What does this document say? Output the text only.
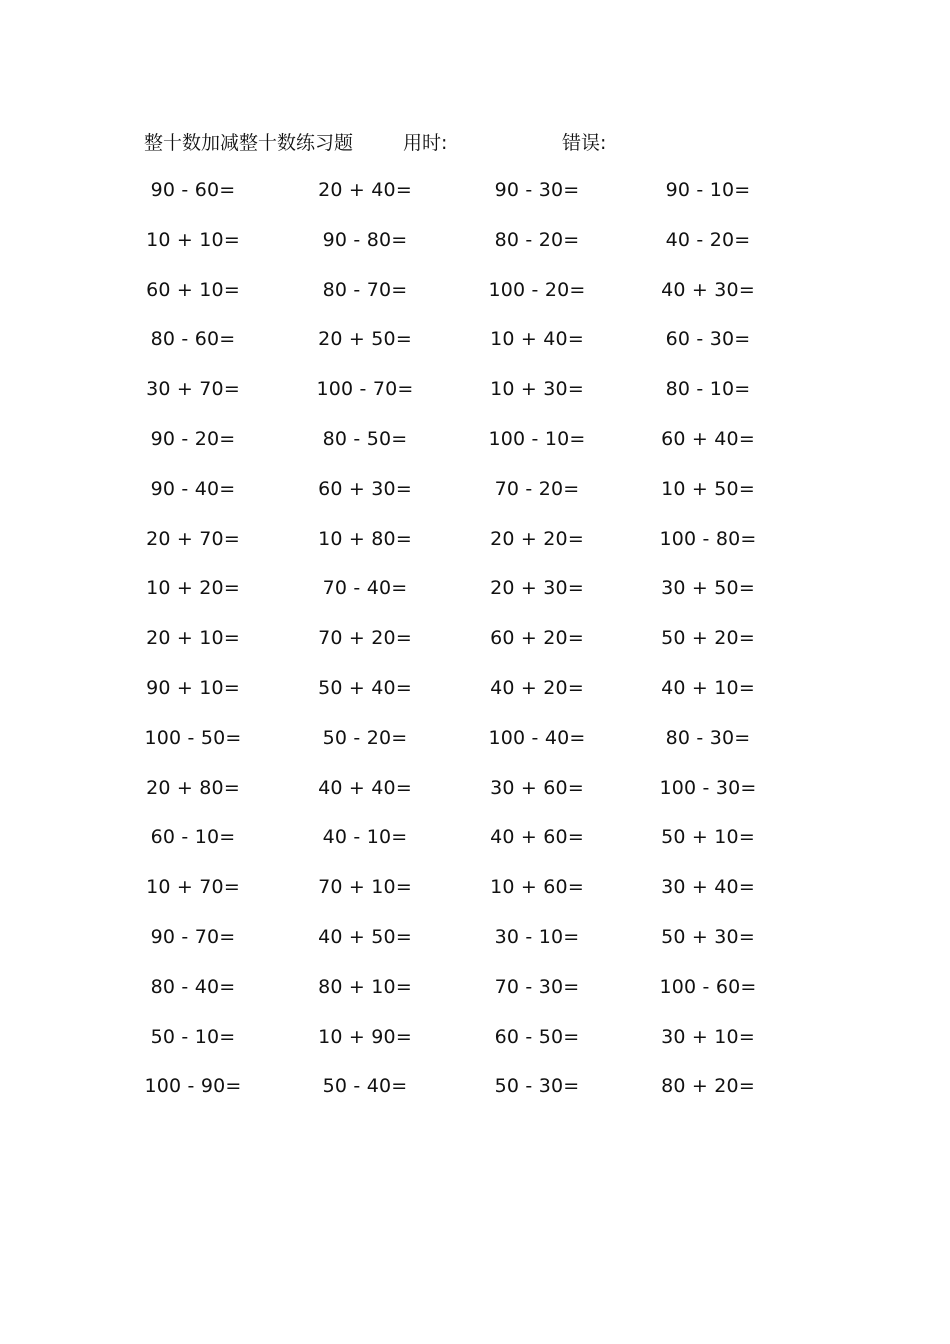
整十数加减整十数练习题	用时:	错误:
90 - 60=	20 + 40=	90 - 30=	90 - 10=
10 + 10=	90 - 80=	80 - 20=	40 - 20=
60 + 10=	80 - 70=	100 - 20=	40 + 30=
80 - 60=	20 + 50=	10 + 40=	60 - 30=
30 + 70=	100 - 70=	10 + 30=	80 - 10=
90 - 20=	80 - 50=	100 - 10=	60 + 40=
90 - 40=	60 + 30=	70 - 20=	10 + 50=
20 + 70=	10 + 80=	20 + 20=	100 - 80=
10 + 20=	70 - 40=	20 + 30=	30 + 50=
20 + 10=	70 + 20=	60 + 20=	50 + 20=
90 + 10=	50 + 40=	40 + 20=	40 + 10=
100 - 50=	50 - 20=	100 - 40=	80 - 30=
20 + 80=	40 + 40=	30 + 60=	100 - 30=
60 - 10=	40 - 10=	40 + 60=	50 + 10=
10 + 70=	70 + 10=	10 + 60=	30 + 40=
90 - 70=	40 + 50=	30 - 10=	50 + 30=
80 - 40=	80 + 10=	70 - 30=	100 - 60=
50 - 10=	10 + 90=	60 - 50=	30 + 10=
100 - 90=	50 - 40=	50 - 30=	80 + 20=
